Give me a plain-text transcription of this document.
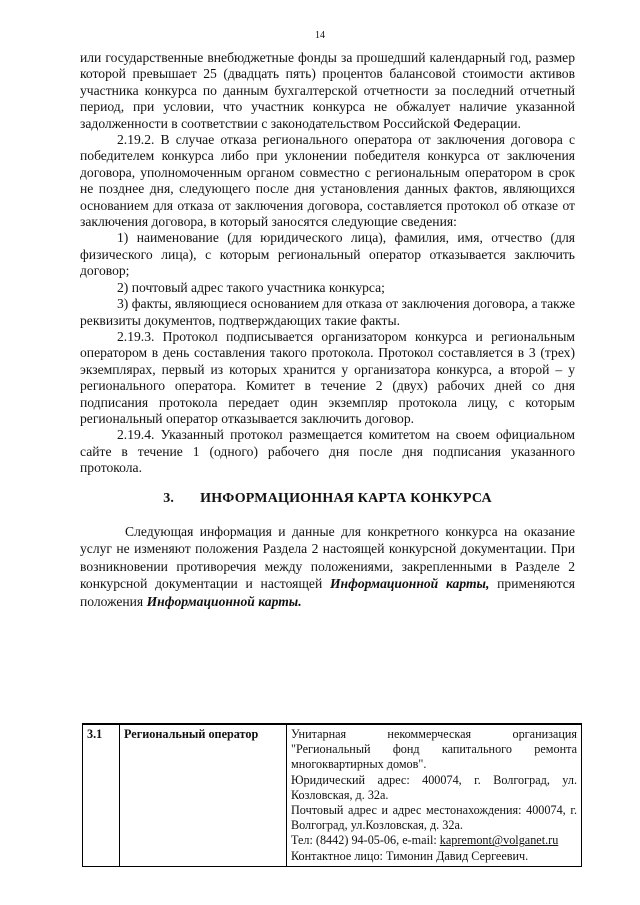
14

или государственные внебюджетные фонды за прошедший календарный год, размер которой превышает 25 (двадцать пять) процентов балансовой стоимости активов участника конкурса по данным бухгалтерской отчетности за последний отчетный период, при условии, что участник конкурса не обжалует наличие указанной задолженности в соответствии с законодательством Российской Федерации.

2.19.2. В случае отказа регионального оператора от заключения договора с победителем конкурса либо при уклонении победителя конкурса от заключения договора, уполномоченным органом совместно с региональным оператором в срок не позднее дня, следующего после дня установления данных фактов, являющихся основанием для отказа от заключения договора, составляется протокол об отказе от заключения договора, в который заносятся следующие сведения:

1) наименование (для юридического лица), фамилия, имя, отчество (для физического лица), с которым региональный оператор отказывается заключить договор;

2) почтовый адрес такого участника конкурса;

3) факты, являющиеся основанием для отказа от заключения договора, а также реквизиты документов, подтверждающих такие факты.

2.19.3. Протокол подписывается организатором конкурса и региональным оператором в день составления такого протокола. Протокол составляется в 3 (трех) экземплярах, первый из которых хранится у организатора конкурса, а второй – у регионального оператора. Комитет в течение 2 (двух) рабочих дней со дня подписания протокола передает один экземпляр протокола лицу, с которым региональный оператор отказывается заключить договор.

2.19.4. Указанный протокол размещается комитетом на своем официальном сайте в течение 1 (одного) рабочего дня после дня подписания указанного протокола.

3. ИНФОРМАЦИОННАЯ КАРТА КОНКУРСА

Следующая информация и данные для конкретного конкурса на оказание услуг не изменяют положения Раздела 2 настоящей конкурсной документации. При возникновении противоречия между положениями, закрепленными в Разделе 2 конкурсной документации и настоящей Информационной карты, применяются положения Информационной карты.

3.1	Региональный оператор	Унитарная некоммерческая организация "Региональный фонд капитального ремонта многоквартирных домов".

Юридический адрес: 400074, г. Волгоград, ул. Козловская, д. 32а.

Почтовый адрес и адрес местонахождения: 400074, г. Волгоград, ул.Козловская, д. 32а.

Тел: (8442) 94-05-06, e-mail: kapremont@volganet.ru

Контактное лицо: Тимонин Давид Сергеевич.
